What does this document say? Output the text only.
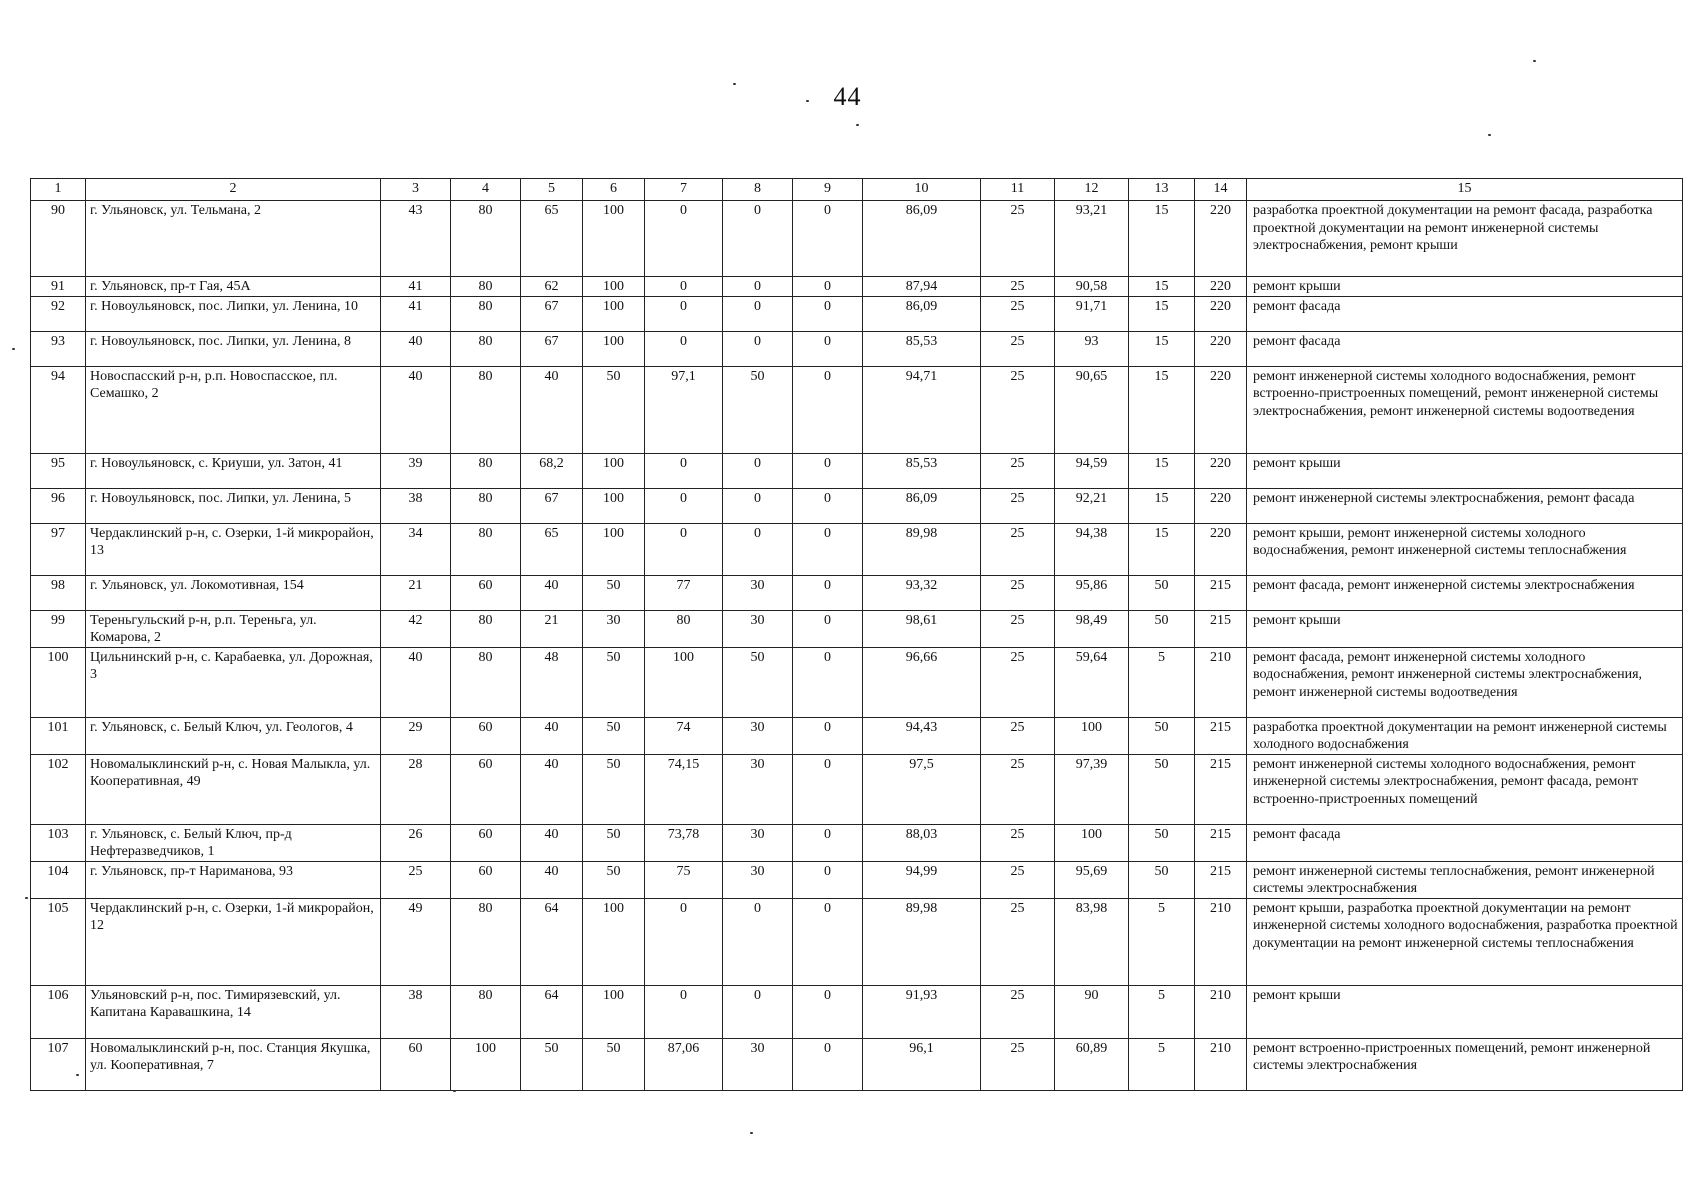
44
1	2	3	4	5	6	7	8	9	10	11	12	13	14	15
90	г. Ульяновск, ул. Тельмана, 2	43	80	65	100	0	0	0	86,09	25	93,21	15	220	разработка проектной документации на ремонт фасада, разработка проектной документации на ремонт инженерной системы электроснабжения, ремонт крыши
91	г. Ульяновск, пр-т Гая, 45А	41	80	62	100	0	0	0	87,94	25	90,58	15	220	ремонт крыши
92	г. Новоульяновск, пос. Липки, ул. Ленина, 10	41	80	67	100	0	0	0	86,09	25	91,71	15	220	ремонт фасада
93	г. Новоульяновск, пос. Липки, ул. Ленина, 8	40	80	67	100	0	0	0	85,53	25	93	15	220	ремонт фасада
94	Новоспасский р-н, р.п. Новоспасское, пл. Семашко, 2	40	80	40	50	97,1	50	0	94,71	25	90,65	15	220	ремонт инженерной системы холодного водоснабжения, ремонт встроенно-пристроенных помещений, ремонт инженерной системы электроснабжения, ремонт инженерной системы водоотведения
95	г. Новоульяновск, с. Криуши, ул. Затон, 41	39	80	68,2	100	0	0	0	85,53	25	94,59	15	220	ремонт крыши
96	г. Новоульяновск, пос. Липки, ул. Ленина, 5	38	80	67	100	0	0	0	86,09	25	92,21	15	220	ремонт инженерной системы электроснабжения, ремонт фасада
97	Чердаклинский р-н, с. Озерки, 1-й микрорайон, 13	34	80	65	100	0	0	0	89,98	25	94,38	15	220	ремонт крыши, ремонт инженерной системы холодного водоснабжения, ремонт инженерной системы теплоснабжения
98	г. Ульяновск, ул. Локомотивная, 154	21	60	40	50	77	30	0	93,32	25	95,86	50	215	ремонт фасада, ремонт инженерной системы электроснабжения
99	Тереньгульский р-н, р.п. Тереньга, ул. Комарова, 2	42	80	21	30	80	30	0	98,61	25	98,49	50	215	ремонт крыши
100	Цильнинский р-н, с. Карабаевка, ул. Дорожная, 3	40	80	48	50	100	50	0	96,66	25	59,64	5	210	ремонт фасада, ремонт инженерной системы холодного водоснабжения, ремонт инженерной системы электроснабжения, ремонт инженерной системы водоотведения
101	г. Ульяновск, с. Белый Ключ, ул. Геологов, 4	29	60	40	50	74	30	0	94,43	25	100	50	215	разработка проектной документации на ремонт инженерной системы холодного водоснабжения
102	Новомалыклинский р-н, с. Новая Малыкла, ул. Кооперативная, 49	28	60	40	50	74,15	30	0	97,5	25	97,39	50	215	ремонт инженерной системы холодного водоснабжения, ремонт инженерной системы электроснабжения, ремонт фасада, ремонт встроенно-пристроенных помещений
103	г. Ульяновск, с. Белый Ключ, пр-д Нефтеразведчиков, 1	26	60	40	50	73,78	30	0	88,03	25	100	50	215	ремонт фасада
104	г. Ульяновск, пр-т Нариманова, 93	25	60	40	50	75	30	0	94,99	25	95,69	50	215	ремонт инженерной системы теплоснабжения, ремонт инженерной системы электроснабжения
105	Чердаклинский р-н, с. Озерки, 1-й микрорайон, 12	49	80	64	100	0	0	0	89,98	25	83,98	5	210	ремонт крыши, разработка проектной документации на ремонт инженерной системы холодного водоснабжения, разработка проектной документации на ремонт инженерной системы теплоснабжения
106	Ульяновский р-н, пос. Тимирязевский, ул. Капитана Каравашкина, 14	38	80	64	100	0	0	0	91,93	25	90	5	210	ремонт крыши
107	Новомалыклинский р-н, пос. Станция Якушка, ул. Кооперативная, 7	60	100	50	50	87,06	30	0	96,1	25	60,89	5	210	ремонт встроенно-пристроенных помещений, ремонт инженерной системы электроснабжения
